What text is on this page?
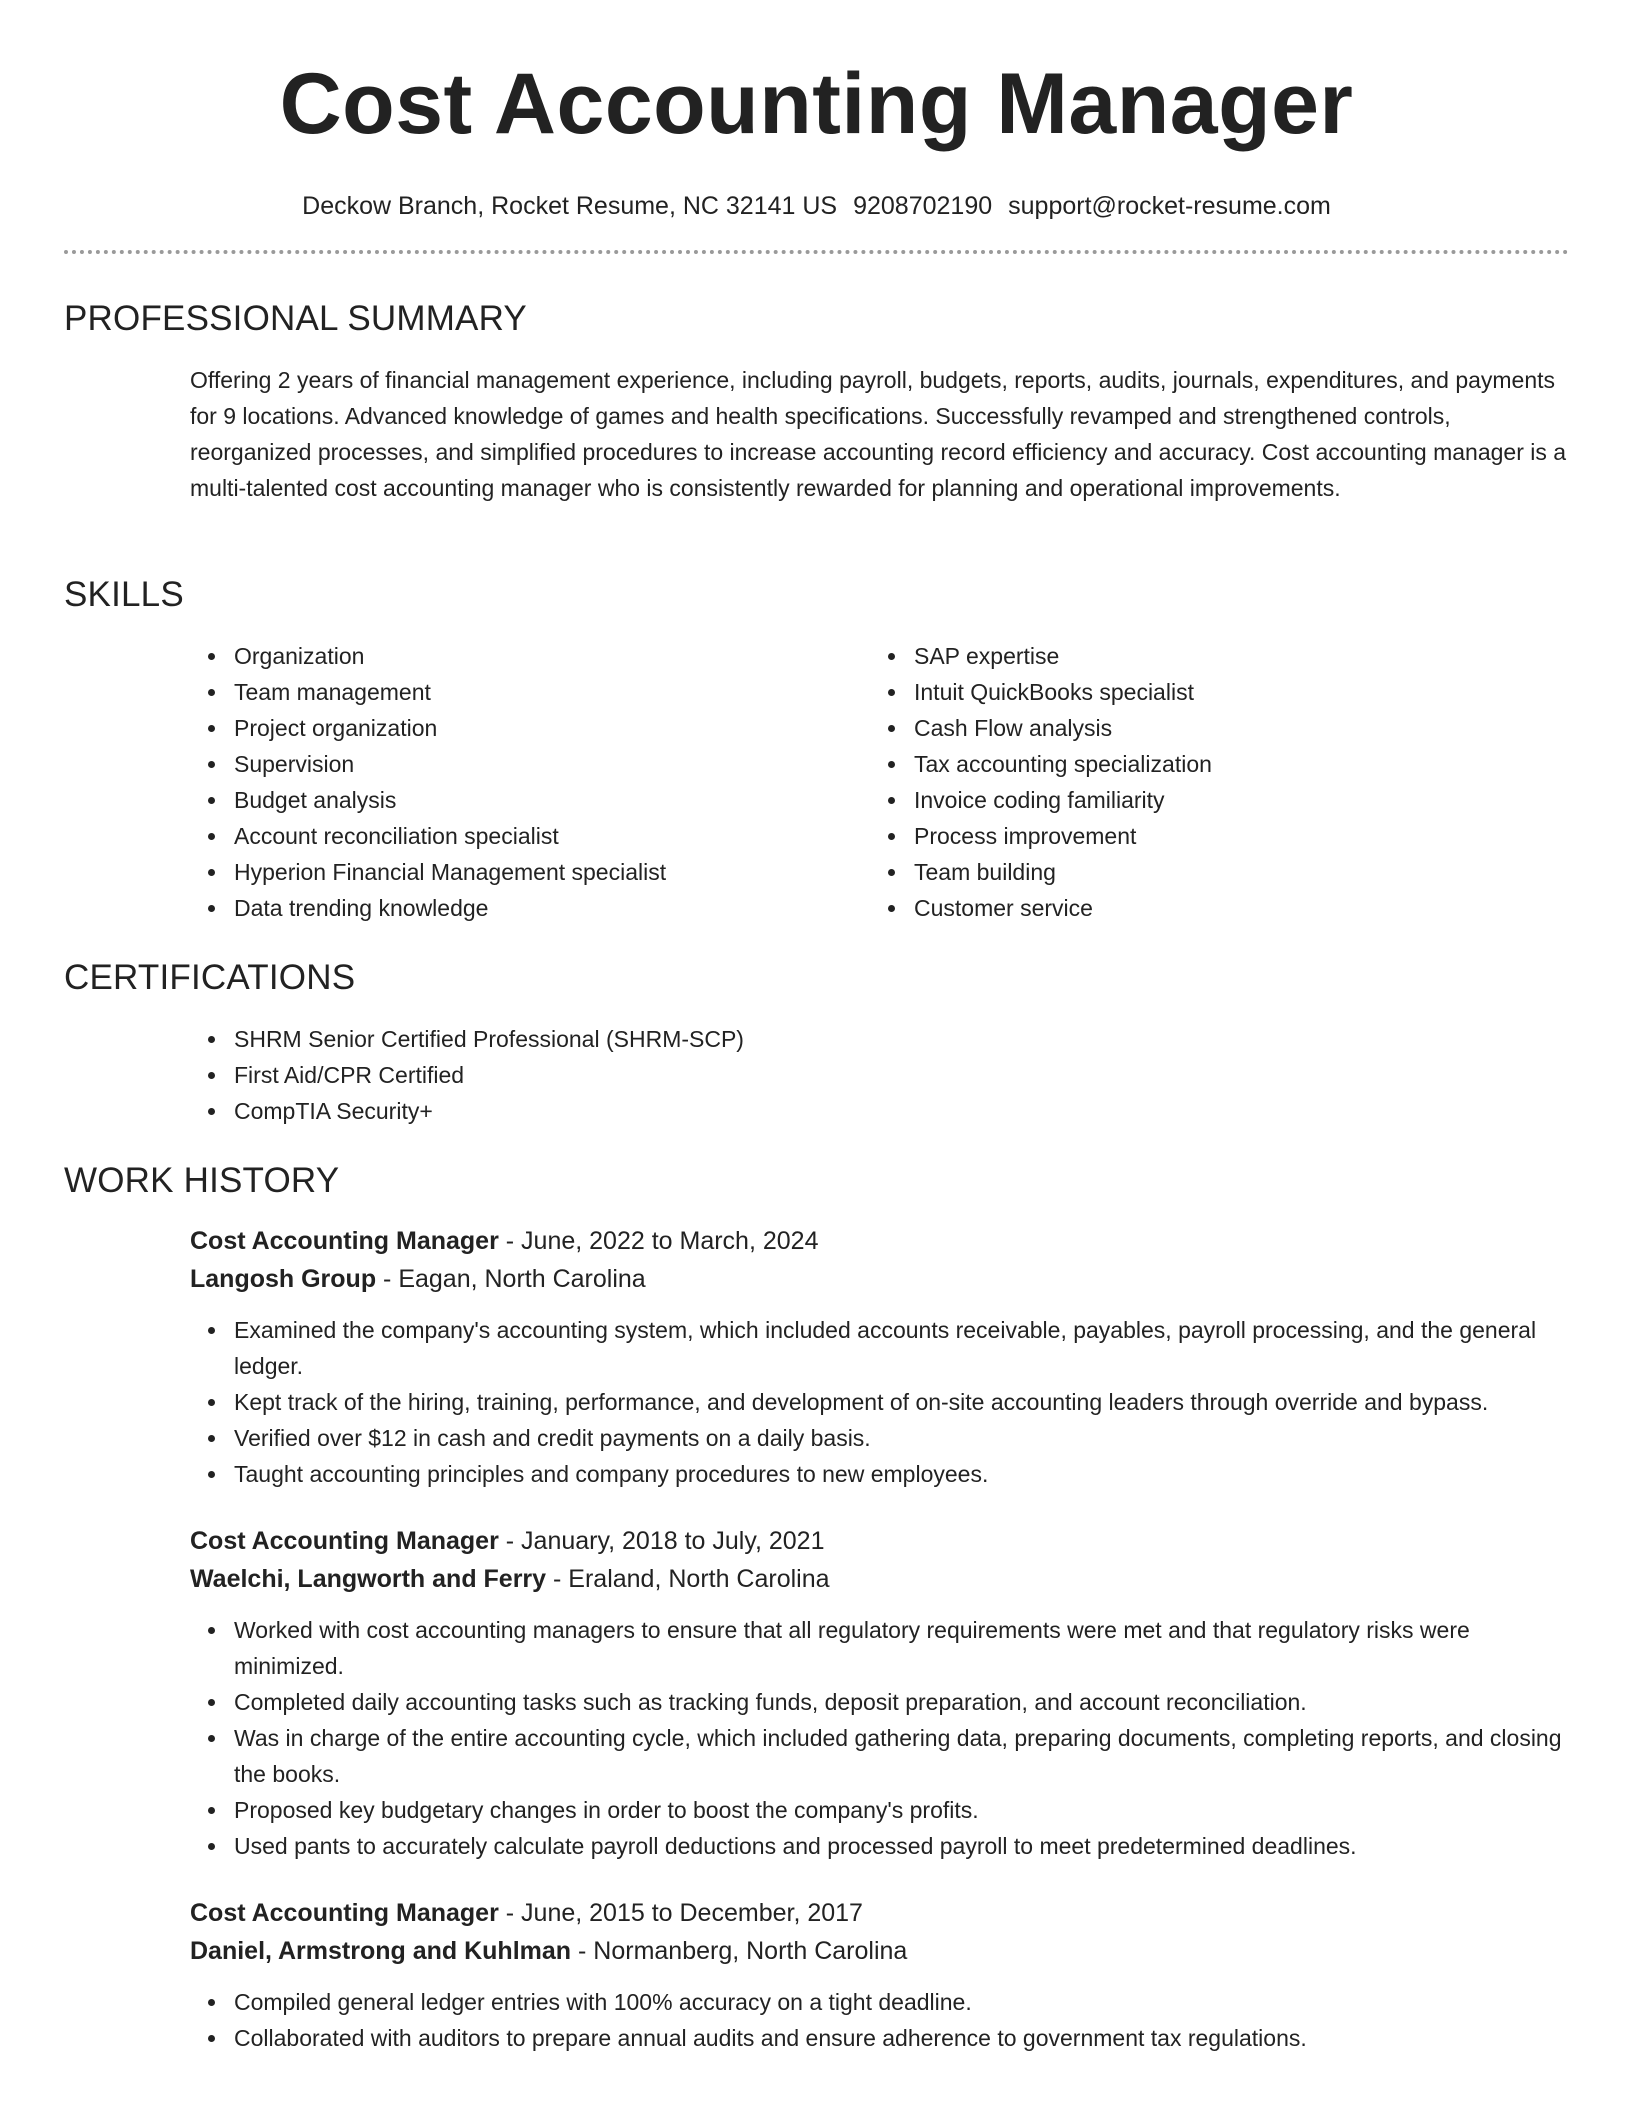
Cost Accounting Manager
Deckow Branch, Rocket Resume, NC 32141 US 9208702190 support@rocket-resume.com
PROFESSIONAL SUMMARY
Offering 2 years of financial management experience, including payroll, budgets, reports, audits, journals, expenditures, and payments for 9 locations. Advanced knowledge of games and health specifications. Successfully revamped and strengthened controls, reorganized processes, and simplified procedures to increase accounting record efficiency and accuracy. Cost accounting manager is a multi-talented cost accounting manager who is consistently rewarded for planning and operational improvements.
SKILLS
Organization
Team management
Project organization
Supervision
Budget analysis
Account reconciliation specialist
Hyperion Financial Management specialist
Data trending knowledge
SAP expertise
Intuit QuickBooks specialist
Cash Flow analysis
Tax accounting specialization
Invoice coding familiarity
Process improvement
Team building
Customer service
CERTIFICATIONS
SHRM Senior Certified Professional (SHRM-SCP)
First Aid/CPR Certified
CompTIA Security+
WORK HISTORY
Cost Accounting Manager - June, 2022 to March, 2024
Langosh Group - Eagan, North Carolina
Examined the company's accounting system, which included accounts receivable, payables, payroll processing, and the general ledger.
Kept track of the hiring, training, performance, and development of on-site accounting leaders through override and bypass.
Verified over $12 in cash and credit payments on a daily basis.
Taught accounting principles and company procedures to new employees.
Cost Accounting Manager - January, 2018 to July, 2021
Waelchi, Langworth and Ferry - Eraland, North Carolina
Worked with cost accounting managers to ensure that all regulatory requirements were met and that regulatory risks were minimized.
Completed daily accounting tasks such as tracking funds, deposit preparation, and account reconciliation.
Was in charge of the entire accounting cycle, which included gathering data, preparing documents, completing reports, and closing the books.
Proposed key budgetary changes in order to boost the company's profits.
Used pants to accurately calculate payroll deductions and processed payroll to meet predetermined deadlines.
Cost Accounting Manager - June, 2015 to December, 2017
Daniel, Armstrong and Kuhlman - Normanberg, North Carolina
Compiled general ledger entries with 100% accuracy on a tight deadline.
Collaborated with auditors to prepare annual audits and ensure adherence to government tax regulations.
